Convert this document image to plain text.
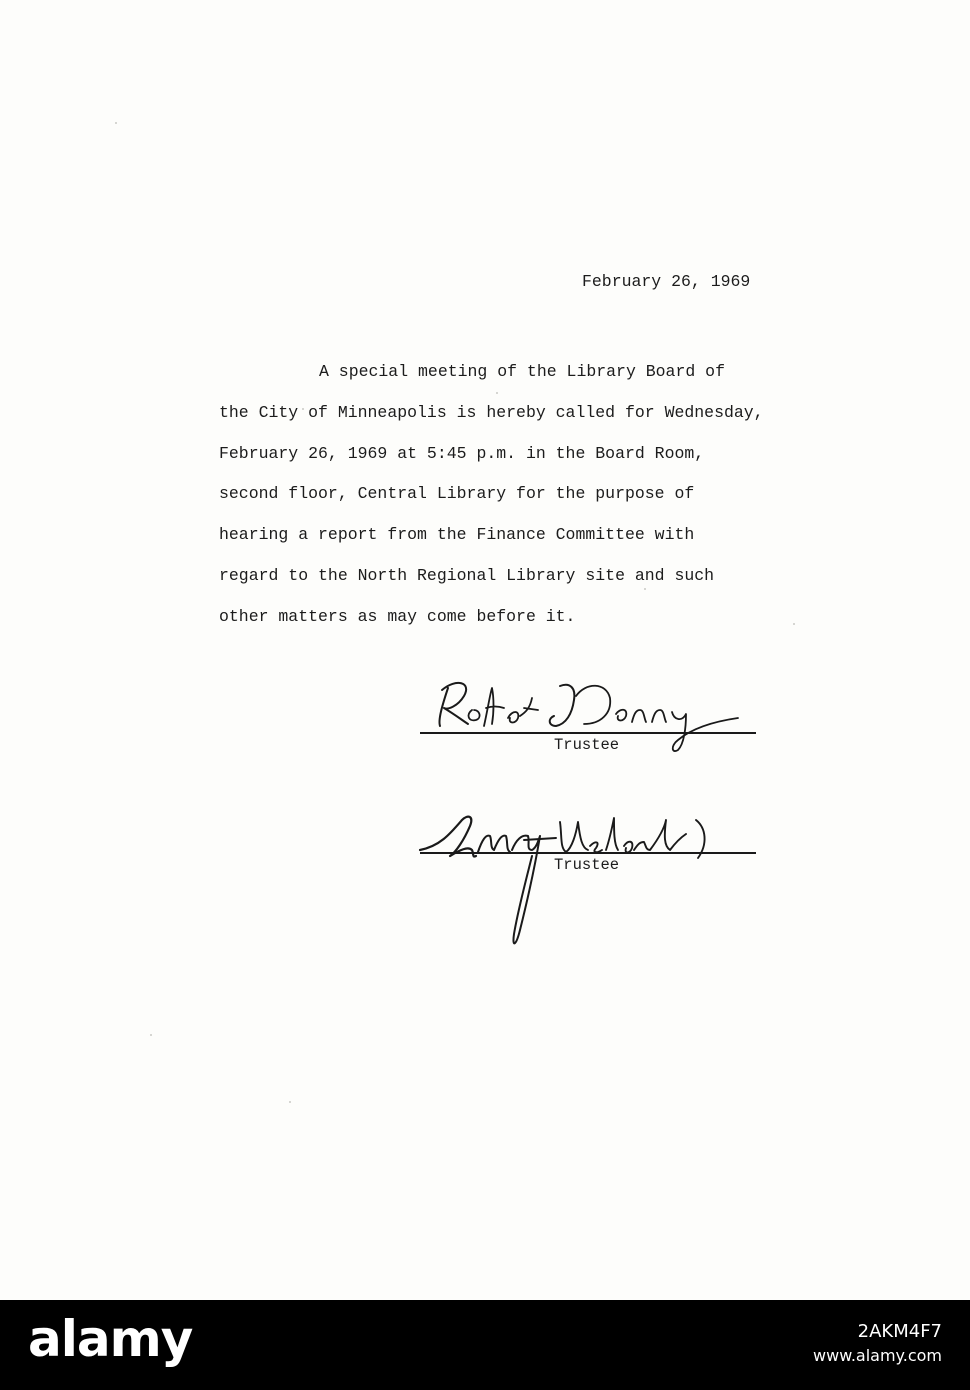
February 26, 1969
A special meeting of the Library Board of
the City of Minneapolis is hereby called for Wednesday,
February 26, 1969 at 5:45 p.m. in the Board Room,
second floor, Central Library for the purpose of
hearing a report from the Finance Committee with
regard to the North Regional Library site and such
other matters as may come before it.
Trustee
Trustee
alamy	2AKM4F7
www.alamy.com
